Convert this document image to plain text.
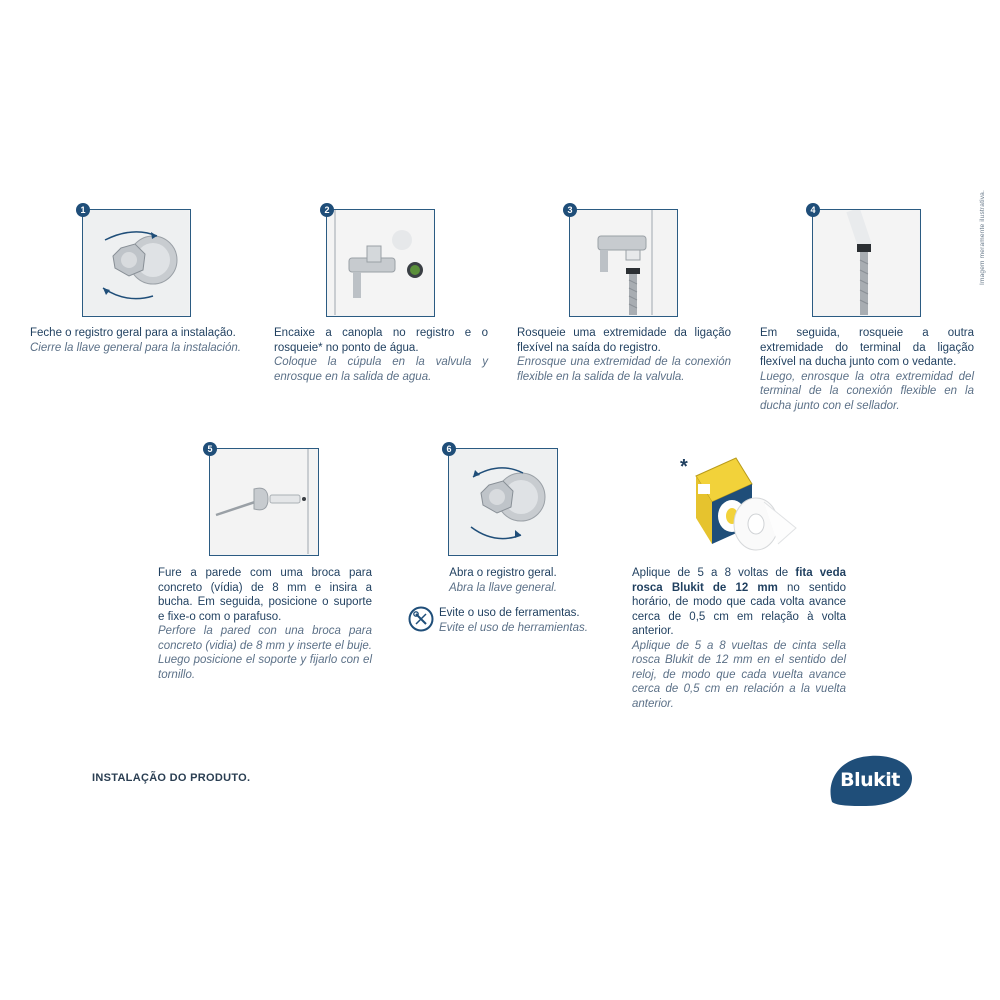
Imagem meramente ilustrativa.
1
Feche o registro geral para a instalação.
Cierre la llave general para la instalación.
2
Encaixe a canopla no registro e o rosqueie* no ponto de água.
Coloque la cúpula en la valvula y enrosque en la salida de agua.
3
Rosqueie uma extremidade da ligação flexível na saída do registro.
Enrosque una extremidad de la conexión flexible en la salida de la valvula.
4
Em seguida, rosqueie a outra extremidade do terminal da ligação flexível na ducha junto com o vedante.
Luego, enrosque la otra extremidad del terminal de la conexión flexible en la ducha junto con el sellador.
5
Fure a parede com uma broca para concreto (vídia) de 8 mm e insira a bucha. Em seguida, posicione o suporte e fixe-o com o parafuso.
Perfore la pared con una broca para concreto (vidia) de 8 mm y inserte el buje. Luego posicione el soporte y fijarlo con el tornillo.
6
Abra o registro geral.
Abra la llave general.
Evite o uso de ferramentas.
Evite el uso de herramientas.
*
Aplique de 5 a 8 voltas de fita veda rosca Blukit de 12 mm no sentido horário, de modo que cada volta avance cerca de 0,5 cm em relação à volta anterior.
Aplique de 5 a 8 vueltas de cinta sella rosca Blukit de 12 mm en el sentido del reloj, de modo que cada vuelta avance cerca de 0,5 cm en relación a la vuelta anterior.
INSTALAÇÃO DO PRODUTO.	Blukit
